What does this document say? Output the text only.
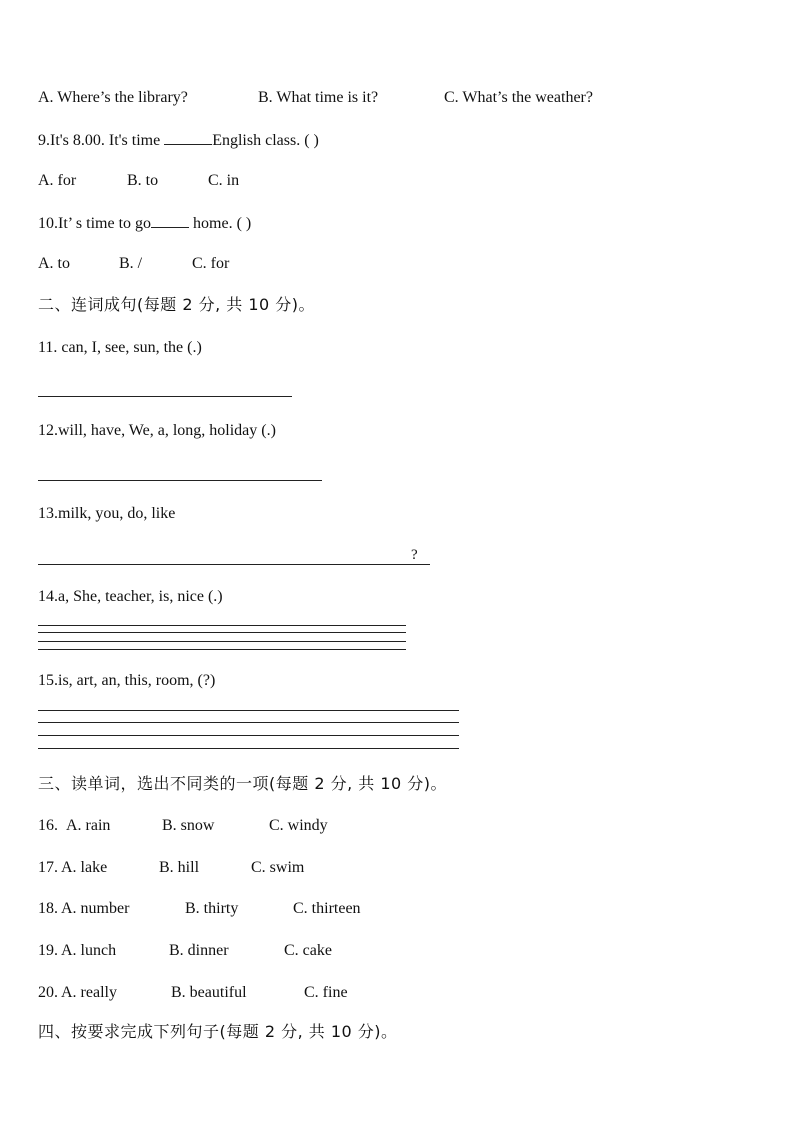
A. Where’s the library?	B. What time is it?	C. What’s the weather?
9.It's 8.00. It's time	English class. ( )
A. for	B. to	C. in
10.It’ s time to go home. ( )
A. to	B. /	C. for
二、连词成句(每题 2 分, 共 10 分)。
11. can, I, see, sun, the (.)
12.will, have, We, a, long, holiday (.)
13.milk, you, do, like
?
14.a, She, teacher, is, nice (.)
15.is, art, an, this, room, (?)
三、读单词，选出不同类的一项(每题 2 分, 共 10 分)。
16. A. rain	B. snow	C. windy
17. A. lake	B. hill	C. swim
18. A. number	B. thirty	C. thirteen
19. A. lunch	B. dinner	C. cake
20. A. really	B. beautiful	C. fine
四、按要求完成下列句子(每题 2 分, 共 10 分)。
